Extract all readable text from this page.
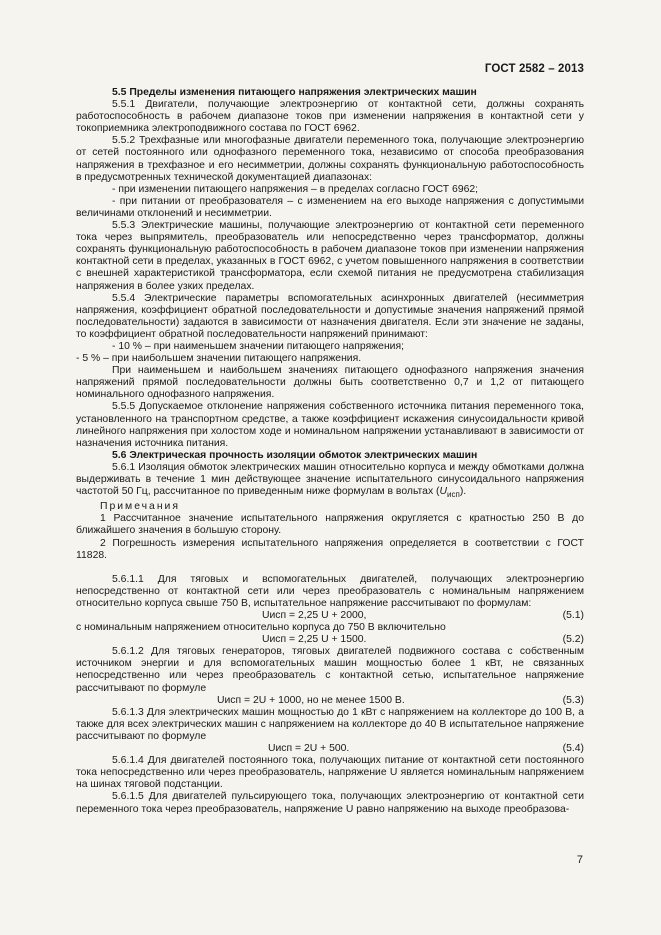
ГОСТ 2582 – 2013

5.5 Пределы изменения питающего напряжения электрических машин

5.5.1 Двигатели, получающие электроэнергию от контактной сети, должны сохранять работоспособность в рабочем диапазоне токов при изменении напряжения в контактной сети у токоприемника электроподвижного состава по ГОСТ 6962.

5.5.2 Трехфазные или многофазные двигатели переменного тока, получающие электроэнергию от сетей постоянного или однофазного переменного тока, независимо от способа преобразования напряжения в трехфазное и его несимметрии, должны сохранять функциональную работоспособность в предусмотренных технической документацией диапазонах:

- при изменении питающего напряжения – в пределах согласно ГОСТ 6962;

- при питании от преобразователя – с изменением на его выходе напряжения с допустимыми величинами отклонений и несимметрии.

5.5.3 Электрические машины, получающие электроэнергию от контактной сети переменного тока через выпрямитель, преобразователь или непосредственно через трансформатор, должны сохранять функциональную работоспособность в рабочем диапазоне токов при изменении напряжения контактной сети в пределах, указанных в ГОСТ 6962, с учетом повышенного напряжения в соответствии с внешней характеристикой трансформатора, если схемой питания не предусмотрена стабилизация напряжения в более узких пределах.

5.5.4 Электрические параметры вспомогательных асинхронных двигателей (несимметрия напряжения, коэффициент обратной последовательности и допустимые значения напряжений прямой последовательности) задаются в зависимости от назначения двигателя. Если эти значение не заданы, то коэффициент обратной последовательности напряжений принимают:

- 10 % – при наименьшем значении питающего напряжения;

- 5 % – при наибольшем значении питающего напряжения.

При наименьшем и наибольшем значениях питающего однофазного напряжения значения напряжений прямой последовательности должны быть соответственно 0,7 и 1,2 от питающего номинального однофазного напряжения.

5.5.5 Допускаемое отклонение напряжения собственного источника питания переменного тока, установленного на транспортном средстве, а также коэффициент искажения синусоидальности кривой линейного напряжения при холостом ходе и номинальном напряжении устанавливают в зависимости от назначения источника питания.

5.6 Электрическая прочность изоляции обмоток электрических машин

5.6.1 Изоляция обмоток электрических машин относительно корпуса и между обмотками должна выдерживать в течение 1 мин действующее значение испытательного синусоидального напряжения частотой 50 Гц, рассчитанное по приведенным ниже формулам в вольтах $(U_{исп})$.

Примечания

1 Рассчитанное значение испытательного напряжения округляется с кратностью 250 В до ближайшего значения в большую сторону.

2 Погрешность измерения испытательного напряжения определяется в соответствии с ГОСТ 11828.

5.6.1.1 Для тяговых и вспомогательных двигателей, получающих электроэнергию непосредственно от контактной сети или через преобразователь с номинальным напряжением относительно корпуса свыше 750 В, испытательное напряжение рассчитывают по формулам:

Uисп = 2,25 U + 2000,	(5.1)

с номинальным напряжением относительно корпуса до 750 В включительно

Uисп = 2,25 U + 1500.	(5.2)

5.6.1.2 Для тяговых генераторов, тяговых двигателей подвижного состава с собственным источником энергии и для вспомогательных машин мощностью более 1 кВт, не связанных непосредственно или через преобразователь с контактной сетью, испытательное напряжение рассчитывают по формуле

Uисп = 2U + 1000, но не менее 1500 В.	(5.3)

5.6.1.3 Для электрических машин мощностью до 1 кВт с напряжением на коллекторе до 100 В, а также для всех электрических машин с напряжением на коллекторе до 40 В испытательное напряжение рассчитывают по формуле

Uисп = 2U + 500.	(5.4)

5.6.1.4 Для двигателей постоянного тока, получающих питание от контактной сети постоянного тока непосредственно или через преобразователь, напряжение U является номинальным напряжением на шинах тяговой подстанции.

5.6.1.5 Для двигателей пульсирующего тока, получающих электроэнергию от контактной сети переменного тока через преобразователь, напряжение U равно напряжению на выходе преобразова-

7
